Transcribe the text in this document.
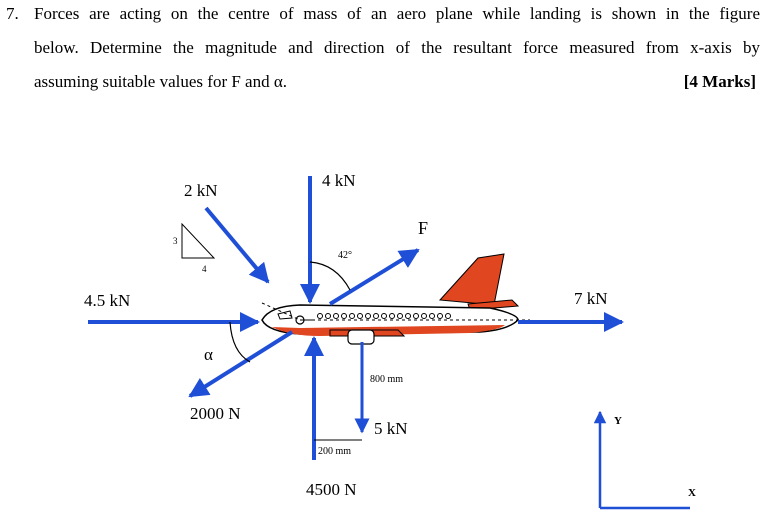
7. Forces are acting on the centre of mass of an aero plane while landing is shown in the figure
below. Determine the magnitude and direction of the resultant force measured from x-axis by
assuming suitable values for F and α.	[4 Marks]
2 kN
4 kN
F
42°
4.5 kN	7 kN
α
2000 N
800 mm
5 kN
200 mm
4500 N
3
4
Y
X
